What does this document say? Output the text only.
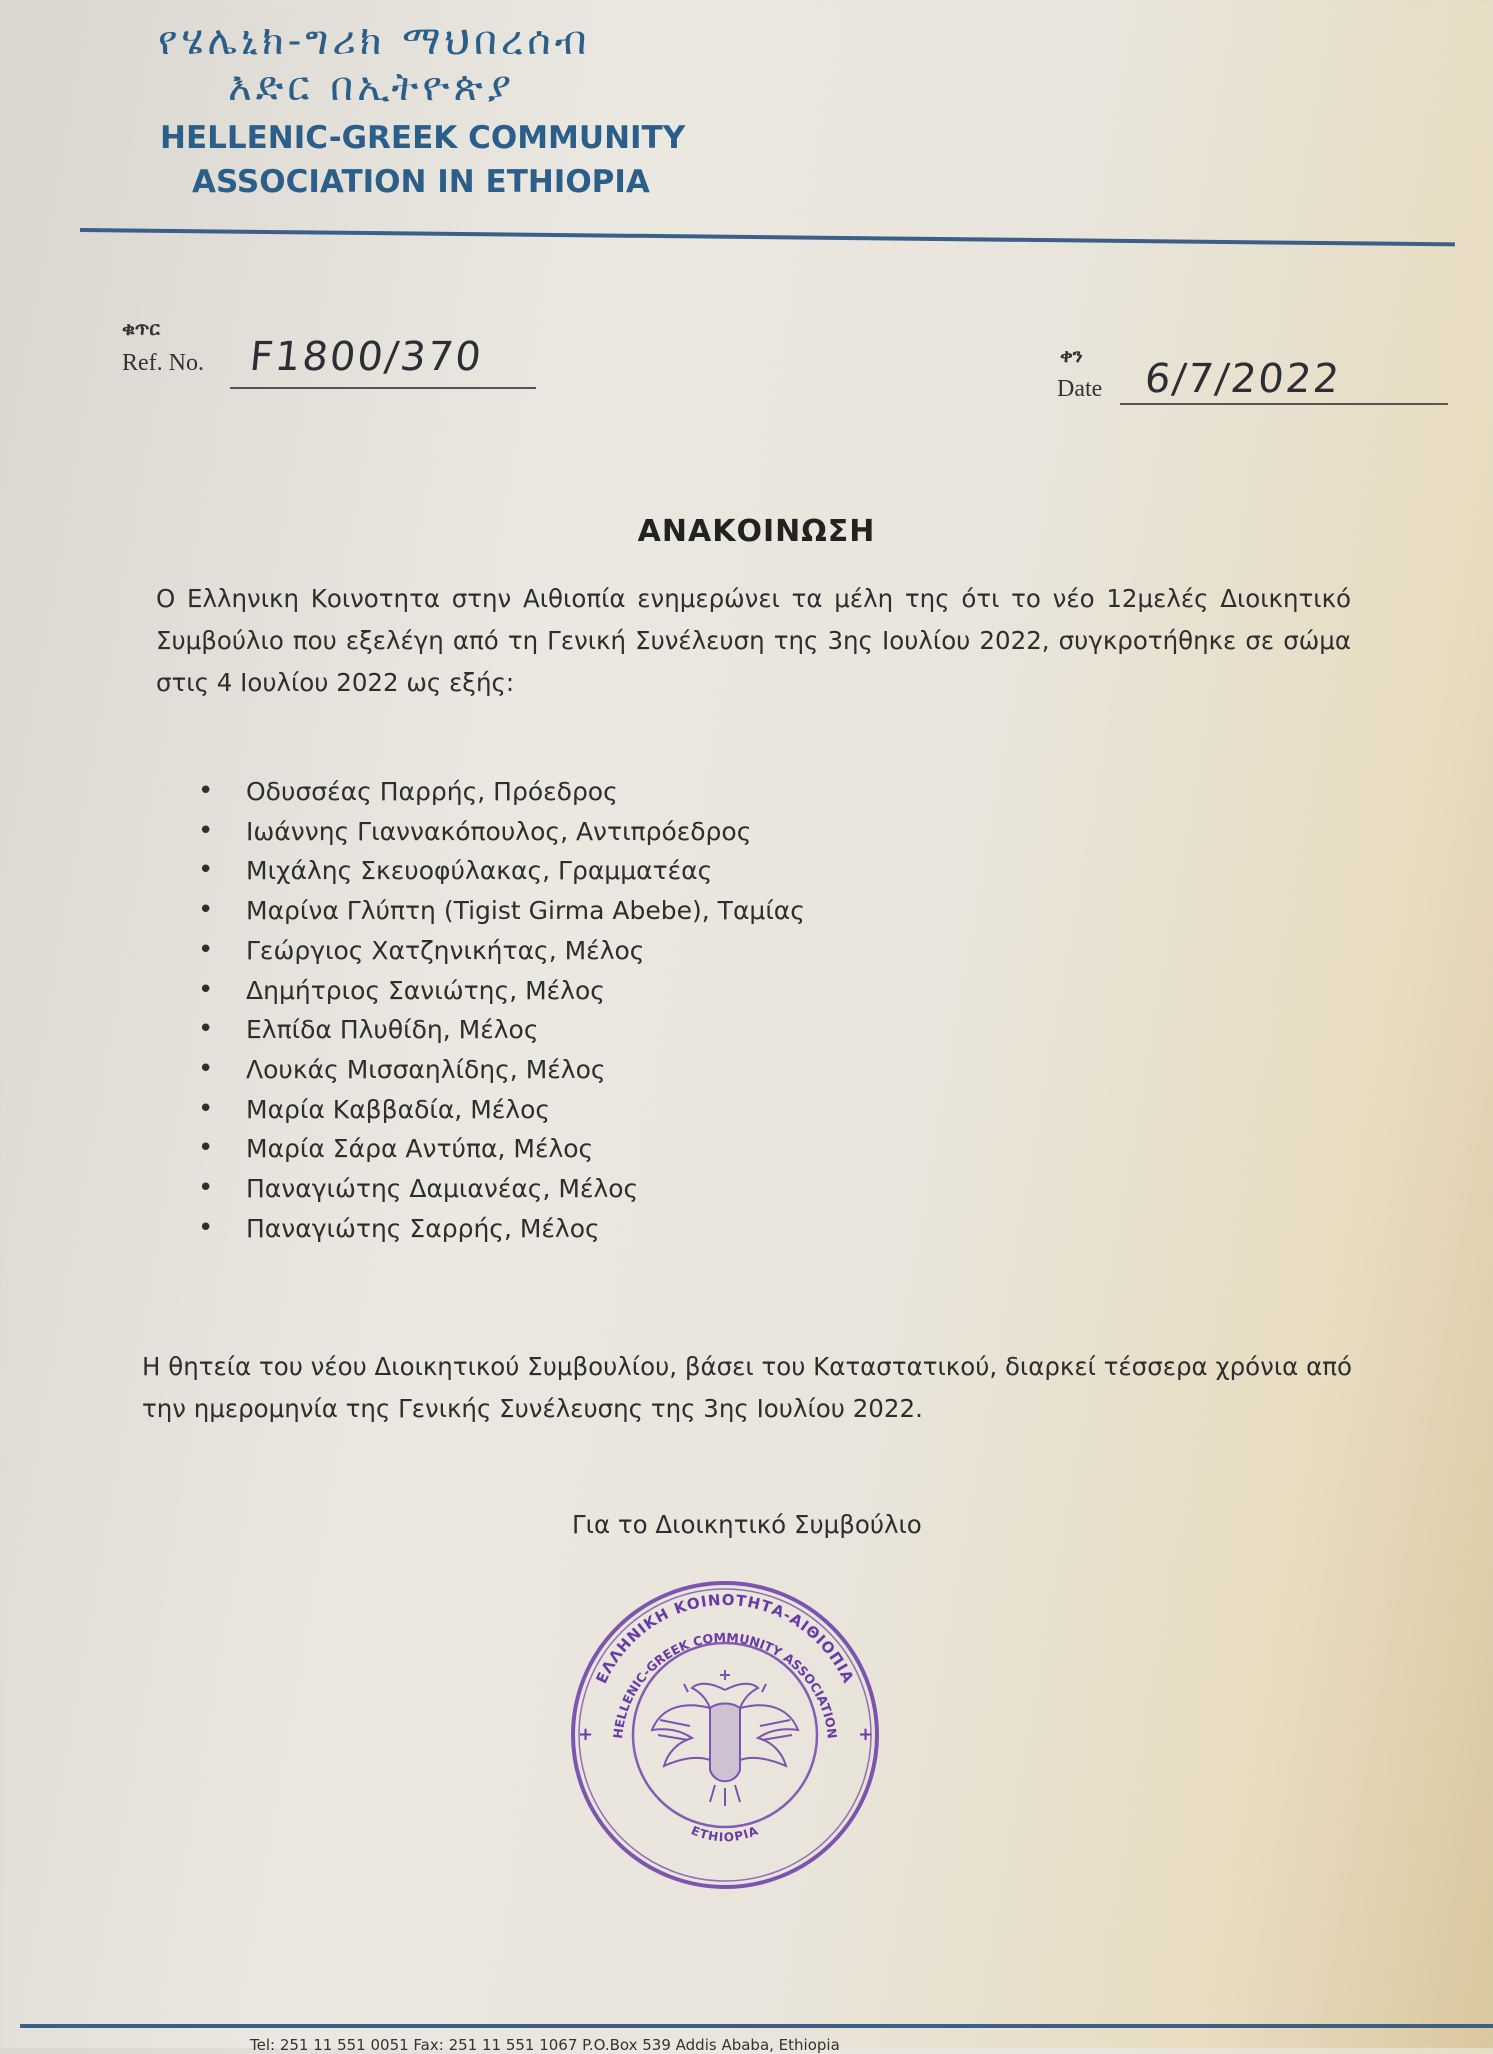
የሄሌኒክ-ግሪክ ማህበረሰብ
እድር በኢትዮጵያ
HELLENIC-GREEK COMMUNITY
ASSOCIATION IN ETHIOPIA
ቁጥር
Ref. No. F1800/370	ቀን
Date 6/7/2022
ΑΝΑΚΟΙΝΩΣΗ
Ο Ελληνικη Κοινοτητα στην Αιθιοπία ενημερώνει τα μέλη της ότι το νέο 12μελές Διοικητικό Συμβούλιο που εξελέγη από τη Γενική Συνέλευση της 3ης Ιουλίου 2022, συγκροτήθηκε σε σώμα στις 4 Ιουλίου 2022 ως εξής:
• Οδυσσέας Παρρής, Πρόεδρος
• Ιωάννης Γιαννακόπουλος, Αντιπρόεδρος
• Μιχάλης Σκευοφύλακας, Γραμματέας
• Μαρίνα Γλύπτη (Tigist Girma Abebe), Ταμίας
• Γεώργιος Χατζηνικήτας, Μέλος
• Δημήτριος Σανιώτης, Μέλος
• Ελπίδα Πλυθίδη, Μέλος
• Λουκάς Μισσαηλίδης, Μέλος
• Μαρία Καββαδία, Μέλος
• Μαρία Σάρα Αντύπα, Μέλος
• Παναγιώτης Δαμιανέας, Μέλος
• Παναγιώτης Σαρρής, Μέλος
Η θητεία του νέου Διοικητικού Συμβουλίου, βάσει του Καταστατικού, διαρκεί τέσσερα χρόνια από την ημερομηνία της Γενικής Συνέλευσης της 3ης Ιουλίου 2022.
Για το Διοικητικό Συμβούλιο
ΕΛΛΗΝΙΚΗ ΚΟΙΝΟΤΗΤΑ-ΑΙΘΙΟΠΙΑ
HELLENIC-GREEK COMMUNITY ASSOCIATION
ETHIOPIA
+	+
Tel: 251 11 551 0051 Fax: 251 11 551 1067 P.O.Box 539 Addis Ababa, Ethiopia
